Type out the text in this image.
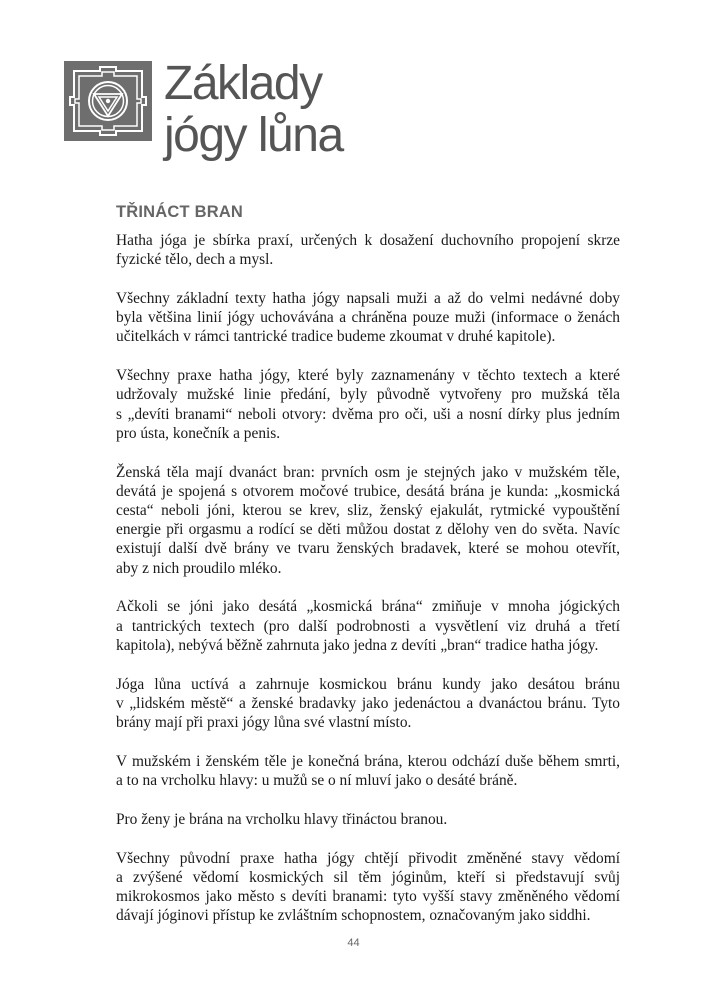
Základy
jógy lůna
TŘINÁCT BRAN

Hatha jóga je sbírka praxí, určených k dosažení duchovního propojení skrze
fyzické tělo, dech a mysl.

Všechny základní texty hatha jógy napsali muži a až do velmi nedávné doby
byla většina linií jógy uchovávána a chráněna pouze muži (informace o ženách
učitelkách v rámci tantrické tradice budeme zkoumat v druhé kapitole).

Všechny praxe hatha jógy, které byly zaznamenány v těchto textech a které
udržovaly mužské linie předání, byly původně vytvořeny pro mužská těla
s „devíti branami“ neboli otvory: dvěma pro oči, uši a nosní dírky plus jedním
pro ústa, konečník a penis.

Ženská těla mají dvanáct bran: prvních osm je stejných jako v mužském těle,
devátá je spojená s otvorem močové trubice, desátá brána je kunda: „kosmická
cesta“ neboli jóni, kterou se krev, sliz, ženský ejakulát, rytmické vypouštění
energie při orgasmu a rodící se děti můžou dostat z dělohy ven do světa. Navíc
existují další dvě brány ve tvaru ženských bradavek, které se mohou otevřít,
aby z nich proudilo mléko.

Ačkoli se jóni jako desátá „kosmická brána“ zmiňuje v mnoha jógických
a tantrických textech (pro další podrobnosti a vysvětlení viz druhá a třetí
kapitola), nebývá běžně zahrnuta jako jedna z devíti „bran“ tradice hatha jógy.

Jóga lůna uctívá a zahrnuje kosmickou bránu kundy jako desátou bránu
v „lidském městě“ a ženské bradavky jako jedenáctou a dvanáctou bránu. Tyto
brány mají při praxi jógy lůna své vlastní místo.

V mužském i ženském těle je konečná brána, kterou odchází duše během smrti,
a to na vrcholku hlavy: u mužů se o ní mluví jako o desáté bráně.

Pro ženy je brána na vrcholku hlavy třináctou branou.

Všechny původní praxe hatha jógy chtějí přivodit změněné stavy vědomí
a zvýšené vědomí kosmických sil těm jóginům, kteří si představují svůj
mikrokosmos jako město s devíti branami: tyto vyšší stavy změněného vědomí
dávají jóginovi přístup ke zvláštním schopnostem, označovaným jako siddhi.

44
